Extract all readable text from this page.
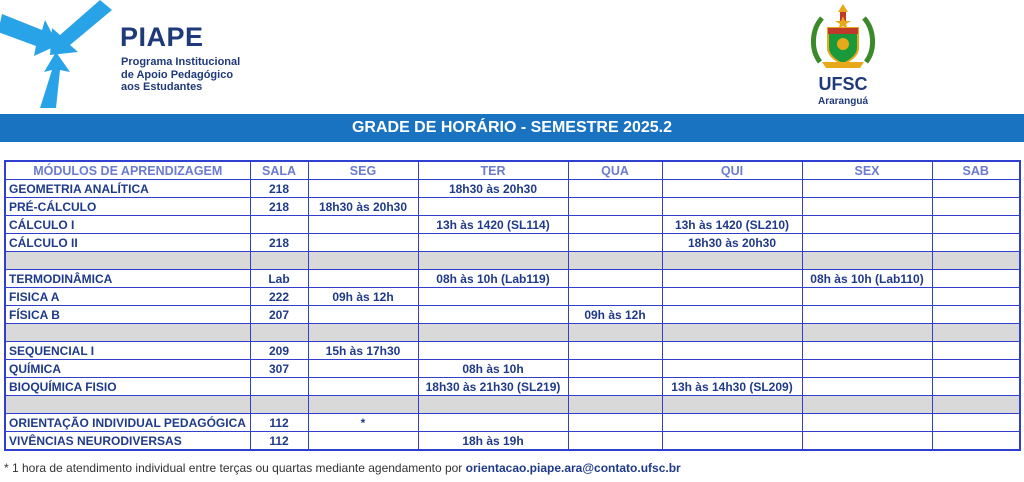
PIAPE
Programa Institucional
de Apoio Pedagógico
aos Estudantes	UFSC
Araranguá
GRADE DE HORÁRIO - SEMESTRE 2025.2
MÓDULOS DE APRENDIZAGEM	SALA	SEG	TER	QUA	QUI	SEX	SAB
GEOMETRIA ANALÍTICA	218		18h30 às 20h30				
PRÉ-CÁLCULO	218	18h30 às 20h30					
CÁLCULO I			13h às 1420 (SL114)		13h às 1420 (SL210)		
CÁLCULO II	218				18h30 às 20h30		

TERMODINÂMICA	Lab		08h às 10h (Lab119)			08h às 10h (Lab110)	
FISICA A	222	09h às 12h					
FÍSICA B	207			09h às 12h			

SEQUENCIAL I	209	15h às 17h30					
QUÍMICA	307		08h às 10h				
BIOQUÍMICA FISIO			18h30 às 21h30 (SL219)		13h às 14h30 (SL209)		

ORIENTAÇÃO INDIVIDUAL PEDAGÓGICA	112	*					
VIVÊNCIAS NEURODIVERSAS	112		18h às 19h				
* 1 hora de atendimento individual entre terças ou quartas mediante agendamento por orientacao.piape.ara@contato.ufsc.br
